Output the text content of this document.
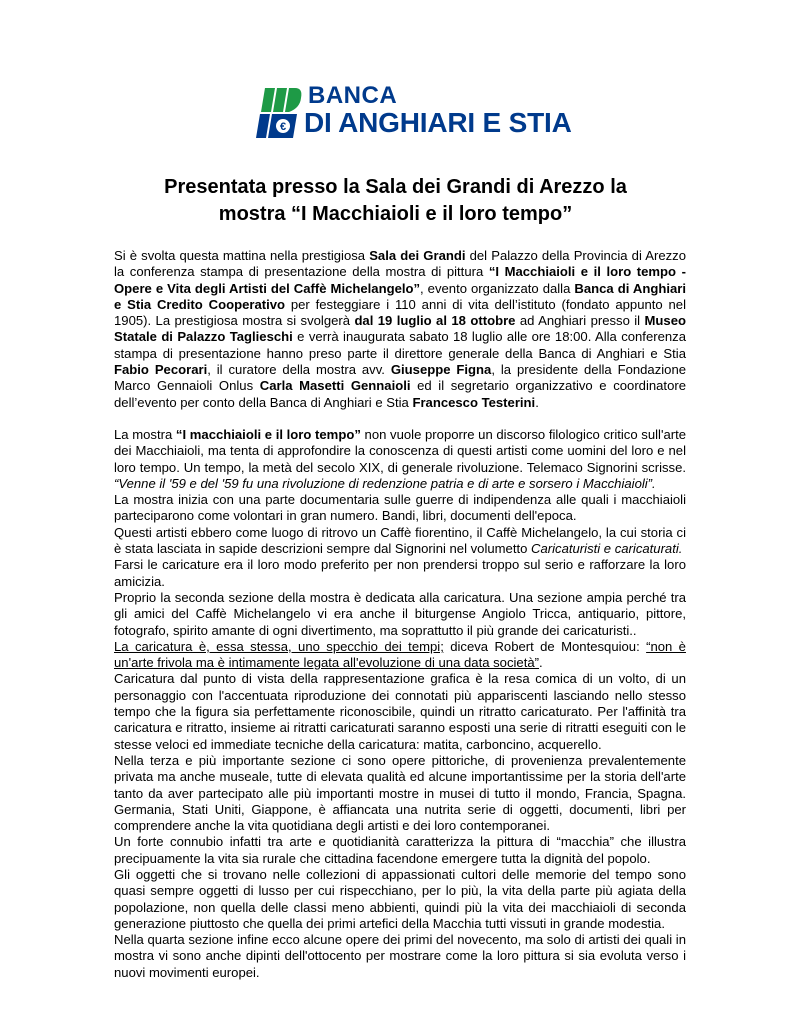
€
BANCA
DI ANGHIARI E STIA
Presentata presso la Sala dei Grandi di Arezzo la
mostra “I Macchiaioli e il loro tempo”

Si è svolta questa mattina nella prestigiosa Sala dei Grandi del Palazzo della Provincia di Arezzo la conferenza stampa di presentazione della mostra di pittura “I Macchiaioli e il loro tempo - Opere e Vita degli Artisti del Caffè Michelangelo”, evento organizzato dalla Banca di Anghiari e Stia Credito Cooperativo per festeggiare i 110 anni di vita dell’istituto (fondato appunto nel 1905). La prestigiosa mostra si svolgerà dal 19 luglio al 18 ottobre ad Anghiari presso il Museo Statale di Palazzo Taglieschi e verrà inaugurata sabato 18 luglio alle ore 18:00. Alla conferenza stampa di presentazione hanno preso parte il direttore generale della Banca di Anghiari e Stia Fabio Pecorari, il curatore della mostra avv. Giuseppe Figna, la presidente della Fondazione Marco Gennaioli Onlus Carla Masetti Gennaioli ed il segretario organizzativo e coordinatore dell’evento per conto della Banca di Anghiari e Stia Francesco Testerini.

La mostra “I macchiaioli e il loro tempo” non vuole proporre un discorso filologico critico sull'arte dei Macchiaioli, ma tenta di approfondire la conoscenza di questi artisti come uomini del loro e nel loro tempo. Un tempo, la metà del secolo XIX, di generale rivoluzione. Telemaco Signorini scrisse. “Venne il '59 e del '59 fu una rivoluzione di redenzione patria e di arte e sorsero i Macchiaioli”.

La mostra inizia con una parte documentaria sulle guerre di indipendenza alle quali i macchiaioli parteciparono come volontari in gran numero. Bandi, libri, documenti dell'epoca.

Questi artisti ebbero come luogo di ritrovo un Caffè fiorentino, il Caffè Michelangelo, la cui storia ci è stata lasciata in sapide descrizioni sempre dal Signorini nel volumetto Caricaturisti e caricaturati.

Farsi le caricature era il loro modo preferito per non prendersi troppo sul serio e rafforzare la loro amicizia.

Proprio la seconda sezione della mostra è dedicata alla caricatura. Una sezione ampia perché tra gli amici del Caffè Michelangelo vi era anche il biturgense Angiolo Tricca, antiquario, pittore, fotografo, spirito amante di ogni divertimento, ma soprattutto il più grande dei caricaturisti..

La caricatura è, essa stessa, uno specchio dei tempi; diceva Robert de Montesquiou: “non è un'arte frivola ma è intimamente legata all'evoluzione di una data società”.

Caricatura dal punto di vista della rappresentazione grafica è la resa comica di un volto, di un personaggio con l'accentuata riproduzione dei connotati più appariscenti lasciando nello stesso tempo che la figura sia perfettamente riconoscibile, quindi un ritratto caricaturato. Per l'affinità tra caricatura e ritratto, insieme ai ritratti caricaturati saranno esposti una serie di ritratti eseguiti con le stesse veloci ed immediate tecniche della caricatura: matita, carboncino, acquerello.

Nella terza e più importante sezione ci sono opere pittoriche, di provenienza prevalentemente privata ma anche museale, tutte di elevata qualità ed alcune importantissime per la storia dell'arte tanto da aver partecipato alle più importanti mostre in musei di tutto il mondo, Francia, Spagna. Germania, Stati Uniti, Giappone, è affiancata una nutrita serie di oggetti, documenti, libri per comprendere anche la vita quotidiana degli artisti e dei loro contemporanei.

Un forte connubio infatti tra arte e quotidianità caratterizza la pittura di “macchia” che illustra precipuamente la vita sia rurale che cittadina facendone emergere tutta la dignità del popolo.

Gli oggetti che si trovano nelle collezioni di appassionati cultori delle memorie del tempo sono quasi sempre oggetti di lusso per cui rispecchiano, per lo più, la vita della parte più agiata della popolazione, non quella delle classi meno abbienti, quindi più la vita dei macchiaioli di seconda generazione piuttosto che quella dei primi artefici della Macchia tutti vissuti in grande modestia.

Nella quarta sezione infine ecco alcune opere dei primi del novecento, ma solo di artisti dei quali in mostra vi sono anche dipinti dell'ottocento per mostrare come la loro pittura si sia evoluta verso i nuovi movimenti europei.
